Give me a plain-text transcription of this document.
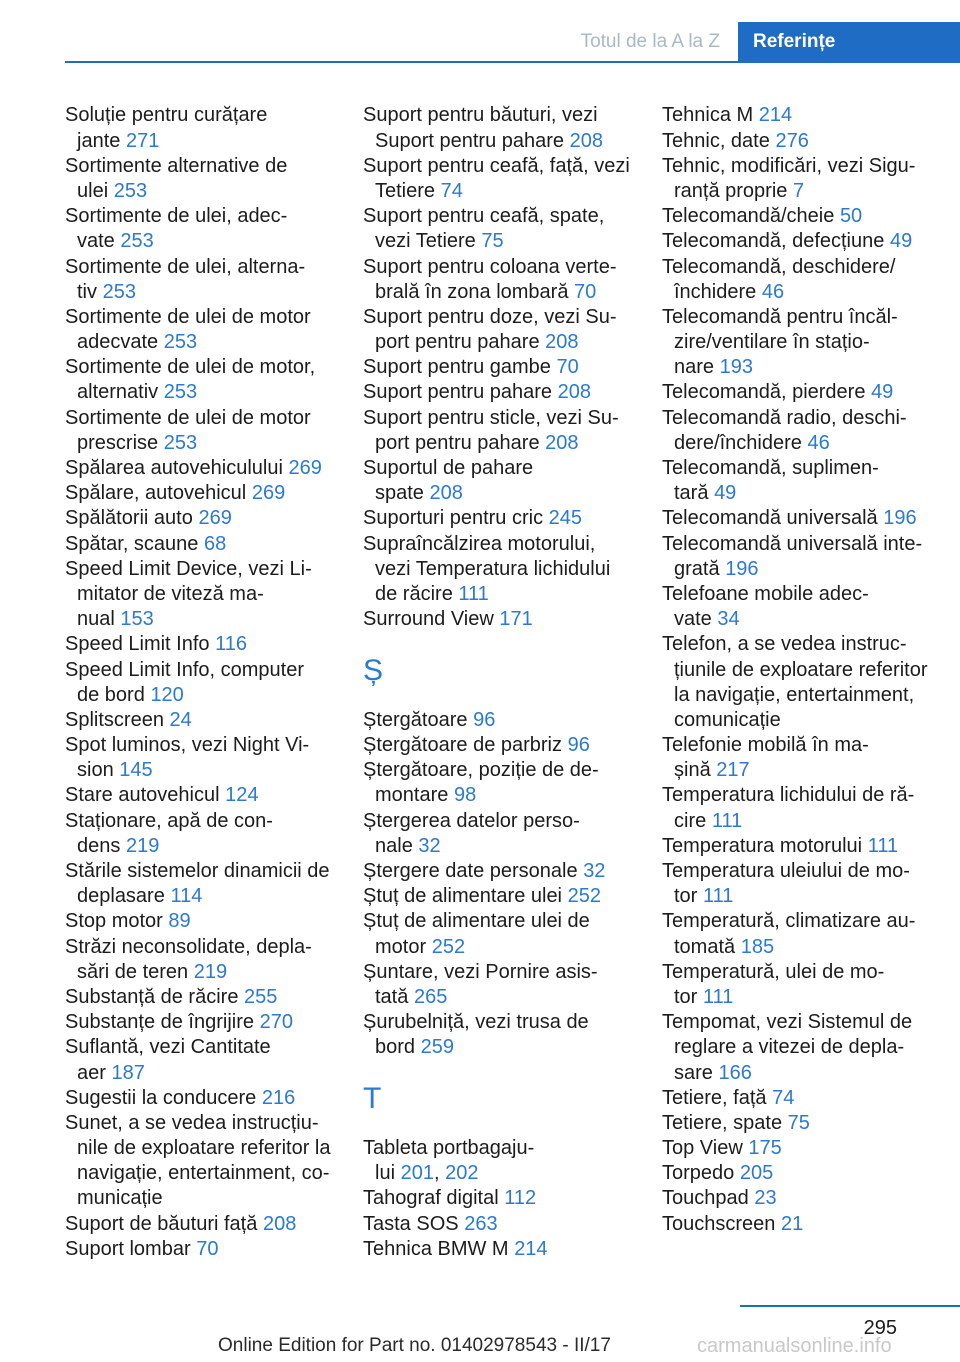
Totul de la A la Z Referințe
Soluție pentru curățare
jante 271
Sortimente alternative de
ulei 253
Sortimente de ulei, adec-
vate 253
Sortimente de ulei, alterna-
tiv 253
Sortimente de ulei de motor
adecvate 253
Sortimente de ulei de motor,
alternativ 253
Sortimente de ulei de motor
prescrise 253
Spălarea autovehiculului 269
Spălare, autovehicul 269
Spălătorii auto 269
Spătar, scaune 68
Speed Limit Device, vezi Li-
mitator de viteză ma-
nual 153
Speed Limit Info 116
Speed Limit Info, computer
de bord 120
Splitscreen 24
Spot luminos, vezi Night Vi-
sion 145
Stare autovehicul 124
Staționare, apă de con-
dens 219
Stările sistemelor dinamicii de
deplasare 114
Stop motor 89
Străzi neconsolidate, depla-
sări de teren 219
Substanță de răcire 255
Substanțe de îngrijire 270
Suflantă, vezi Cantitate
aer 187
Sugestii la conducere 216
Sunet, a se vedea instrucțiu-
nile de exploatare referitor la
navigație, entertainment, co-
municație
Suport de băuturi față 208
Suport lombar 70
Suport pentru băuturi, vezi
Suport pentru pahare 208
Suport pentru ceafă, față, vezi
Tetiere 74
Suport pentru ceafă, spate,
vezi Tetiere 75
Suport pentru coloana verte-
brală în zona lombară 70
Suport pentru doze, vezi Su-
port pentru pahare 208
Suport pentru gambe 70
Suport pentru pahare 208
Suport pentru sticle, vezi Su-
port pentru pahare 208
Suportul de pahare
spate 208
Suporturi pentru cric 245
Supraîncălzirea motorului,
vezi Temperatura lichidului
de răcire 111
Surround View 171
Ș
Ștergătoare 96
Ștergătoare de parbriz 96
Ștergătoare, poziție de de-
montare 98
Ștergerea datelor perso-
nale 32
Ștergere date personale 32
Ștuț de alimentare ulei 252
Ștuț de alimentare ulei de
motor 252
Șuntare, vezi Pornire asis-
tată 265
Șurubelniță, vezi trusa de
bord 259
T
Tableta portbagaju-
lui 201, 202
Tahograf digital 112
Tasta SOS 263
Tehnica BMW M 214
Tehnica M 214
Tehnic, date 276
Tehnic, modificări, vezi Sigu-
ranță proprie 7
Telecomandă/cheie 50
Telecomandă, defecțiune 49
Telecomandă, deschidere/
închidere 46
Telecomandă pentru încăl-
zire/ventilare în stațio-
nare 193
Telecomandă, pierdere 49
Telecomandă radio, deschi-
dere/închidere 46
Telecomandă, suplimen-
tară 49
Telecomandă universală 196
Telecomandă universală inte-
grată 196
Telefoane mobile adec-
vate 34
Telefon, a se vedea instruc-
țiunile de exploatare referitor
la navigație, entertainment,
comunicație
Telefonie mobilă în ma-
șină 217
Temperatura lichidului de ră-
cire 111
Temperatura motorului 111
Temperatura uleiului de mo-
tor 111
Temperatură, climatizare au-
tomată 185
Temperatură, ulei de mo-
tor 111
Tempomat, vezi Sistemul de
reglare a vitezei de depla-
sare 166
Tetiere, față 74
Tetiere, spate 75
Top View 175
Torpedo 205
Touchpad 23
Touchscreen 21
295
Online Edition for Part no. 01402978543 - II/17	carmanualsonline.info
